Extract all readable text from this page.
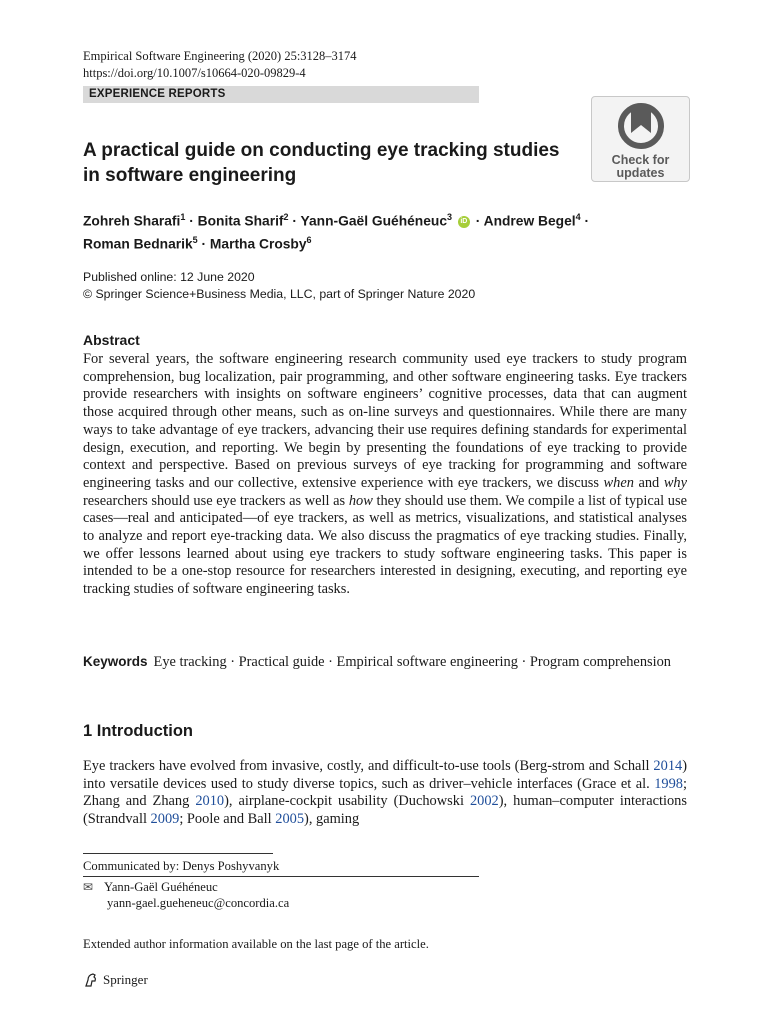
Empirical Software Engineering (2020) 25:3128–3174
https://doi.org/10.1007/s10664-020-09829-4
EXPERIENCE REPORTS
Check for
updates
A practical guide on conducting eye tracking studies
in software engineering
Zohreh Sharafi$^1$ · Bonita Sharif$^2$ · Yann-Gaël Guéhéneuc$^3$ iD · Andrew Begel$^4$ ·
Roman Bednarik$^5$ · Martha Crosby$^6$
Published online: 12 June 2020
© Springer Science+Business Media, LLC, part of Springer Nature 2020
Abstract
For several years, the software engineering research community used eye trackers to study program comprehension, bug localization, pair programming, and other software engineering tasks. Eye trackers provide researchers with insights on software engineers’ cognitive processes, data that can augment those acquired through other means, such as on-line surveys and questionnaires. While there are many ways to take advantage of eye trackers, advancing their use requires defining standards for experimental design, execution, and reporting. We begin by presenting the foundations of eye tracking to provide context and perspective. Based on previous surveys of eye tracking for programming and software engineering tasks and our collective, extensive experience with eye trackers, we discuss when and why researchers should use eye trackers as well as how they should use them. We compile a list of typical use cases—real and anticipated—of eye trackers, as well as metrics, visualizations, and statistical analyses to analyze and report eye-tracking data. We also discuss the pragmatics of eye tracking studies. Finally, we offer lessons learned about using eye trackers to study software engineering tasks. This paper is intended to be a one-stop resource for researchers interested in designing, executing, and reporting eye tracking studies of software engineering tasks.
Keywords Eye tracking · Practical guide · Empirical software engineering · Program comprehension
1 Introduction
Eye trackers have evolved from invasive, costly, and difficult-to-use tools (Berg-strom and Schall 2014) into versatile devices used to study diverse topics, such as driver–vehicle interfaces (Grace et al. 1998; Zhang and Zhang 2010), airplane-cockpit usability (Duchowski 2002), human–computer interactions (Strandvall 2009; Poole and Ball 2005), gaming
Communicated by: Denys Poshyvanyk
✉ Yann-Gaël Guéhéneuc
yann-gael.gueheneuc@concordia.ca
Extended author information available on the last page of the article.
Springer
